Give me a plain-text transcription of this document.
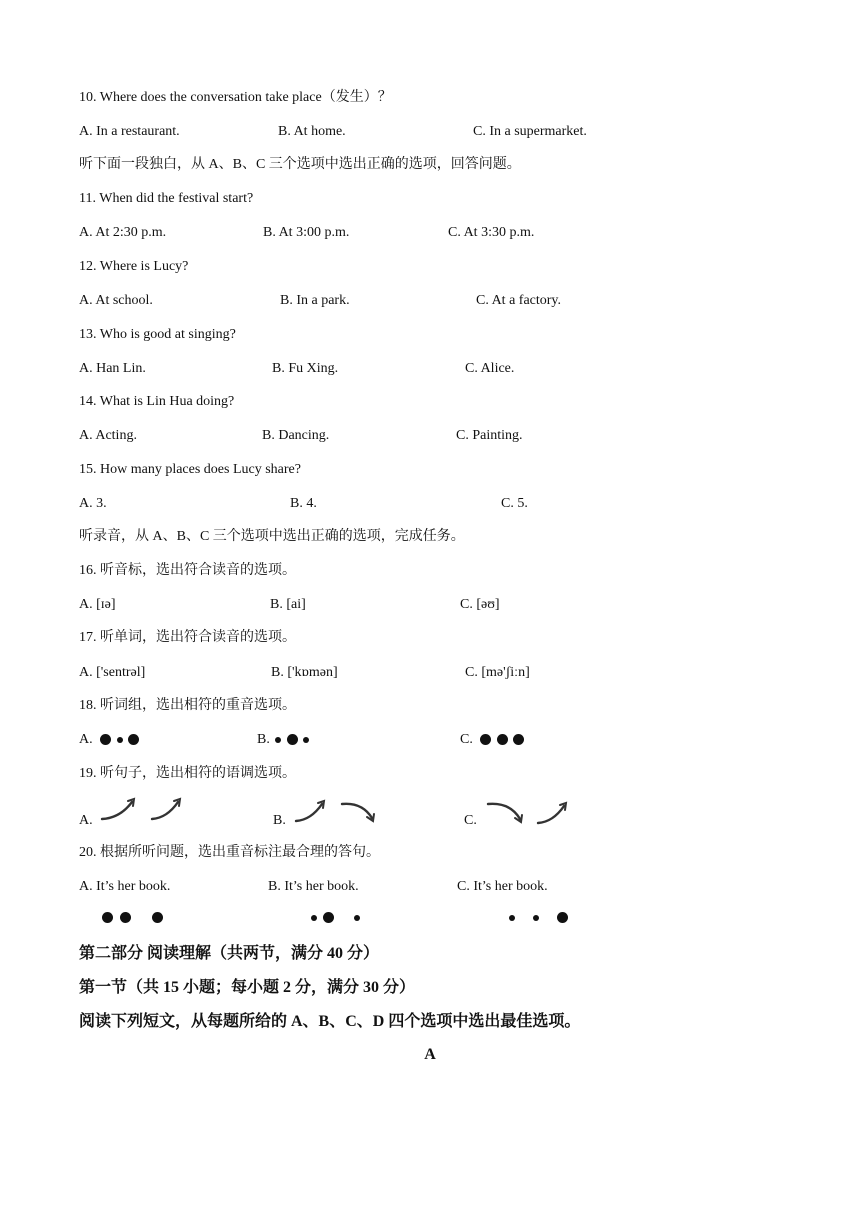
10. Where does the conversation take place（发生）？
A. In a restaurant.	B. At home.	C. In a supermarket.
听下面一段独白，从 A、B、C 三个选项中选出正确的选项，回答问题。
11. When did the festival start?
A. At 2:30 p.m.	B. At 3:00 p.m.	C. At 3:30 p.m.
12. Where is Lucy?
A. At school.	B. In a park.	C. At a factory.
13. Who is good at singing?
A. Han Lin.	B. Fu Xing.	C. Alice.
14. What is Lin Hua doing?
A. Acting.	B. Dancing.	C. Painting.
15. How many places does Lucy share?
A. 3.	B. 4.	C. 5.
听录音，从 A、B、C 三个选项中选出正确的选项，完成任务。
16. 听音标，选出符合读音的选项。
A. [ɪə]	B. [ai]	C. [əʊ]
17. 听单词，选出符合读音的选项。
A. ['sentrəl]	B. ['kɒmən]	C. [mə'ʃiːn]
18. 听词组，选出相符的重音选项。
A.	B.	C.
19. 听句子，选出相符的语调选项。
A.	B.	C.
20. 根据所听问题，选出重音标注最合理的答句。
A. It’s her book.	B. It’s her book.	C. It’s her book.
第二部分 阅读理解（共两节，满分 40 分）
第一节（共 15 小题；每小题 2 分，满分 30 分）
阅读下列短文，从每题所给的 A、B、C、D 四个选项中选出最佳选项。
A
